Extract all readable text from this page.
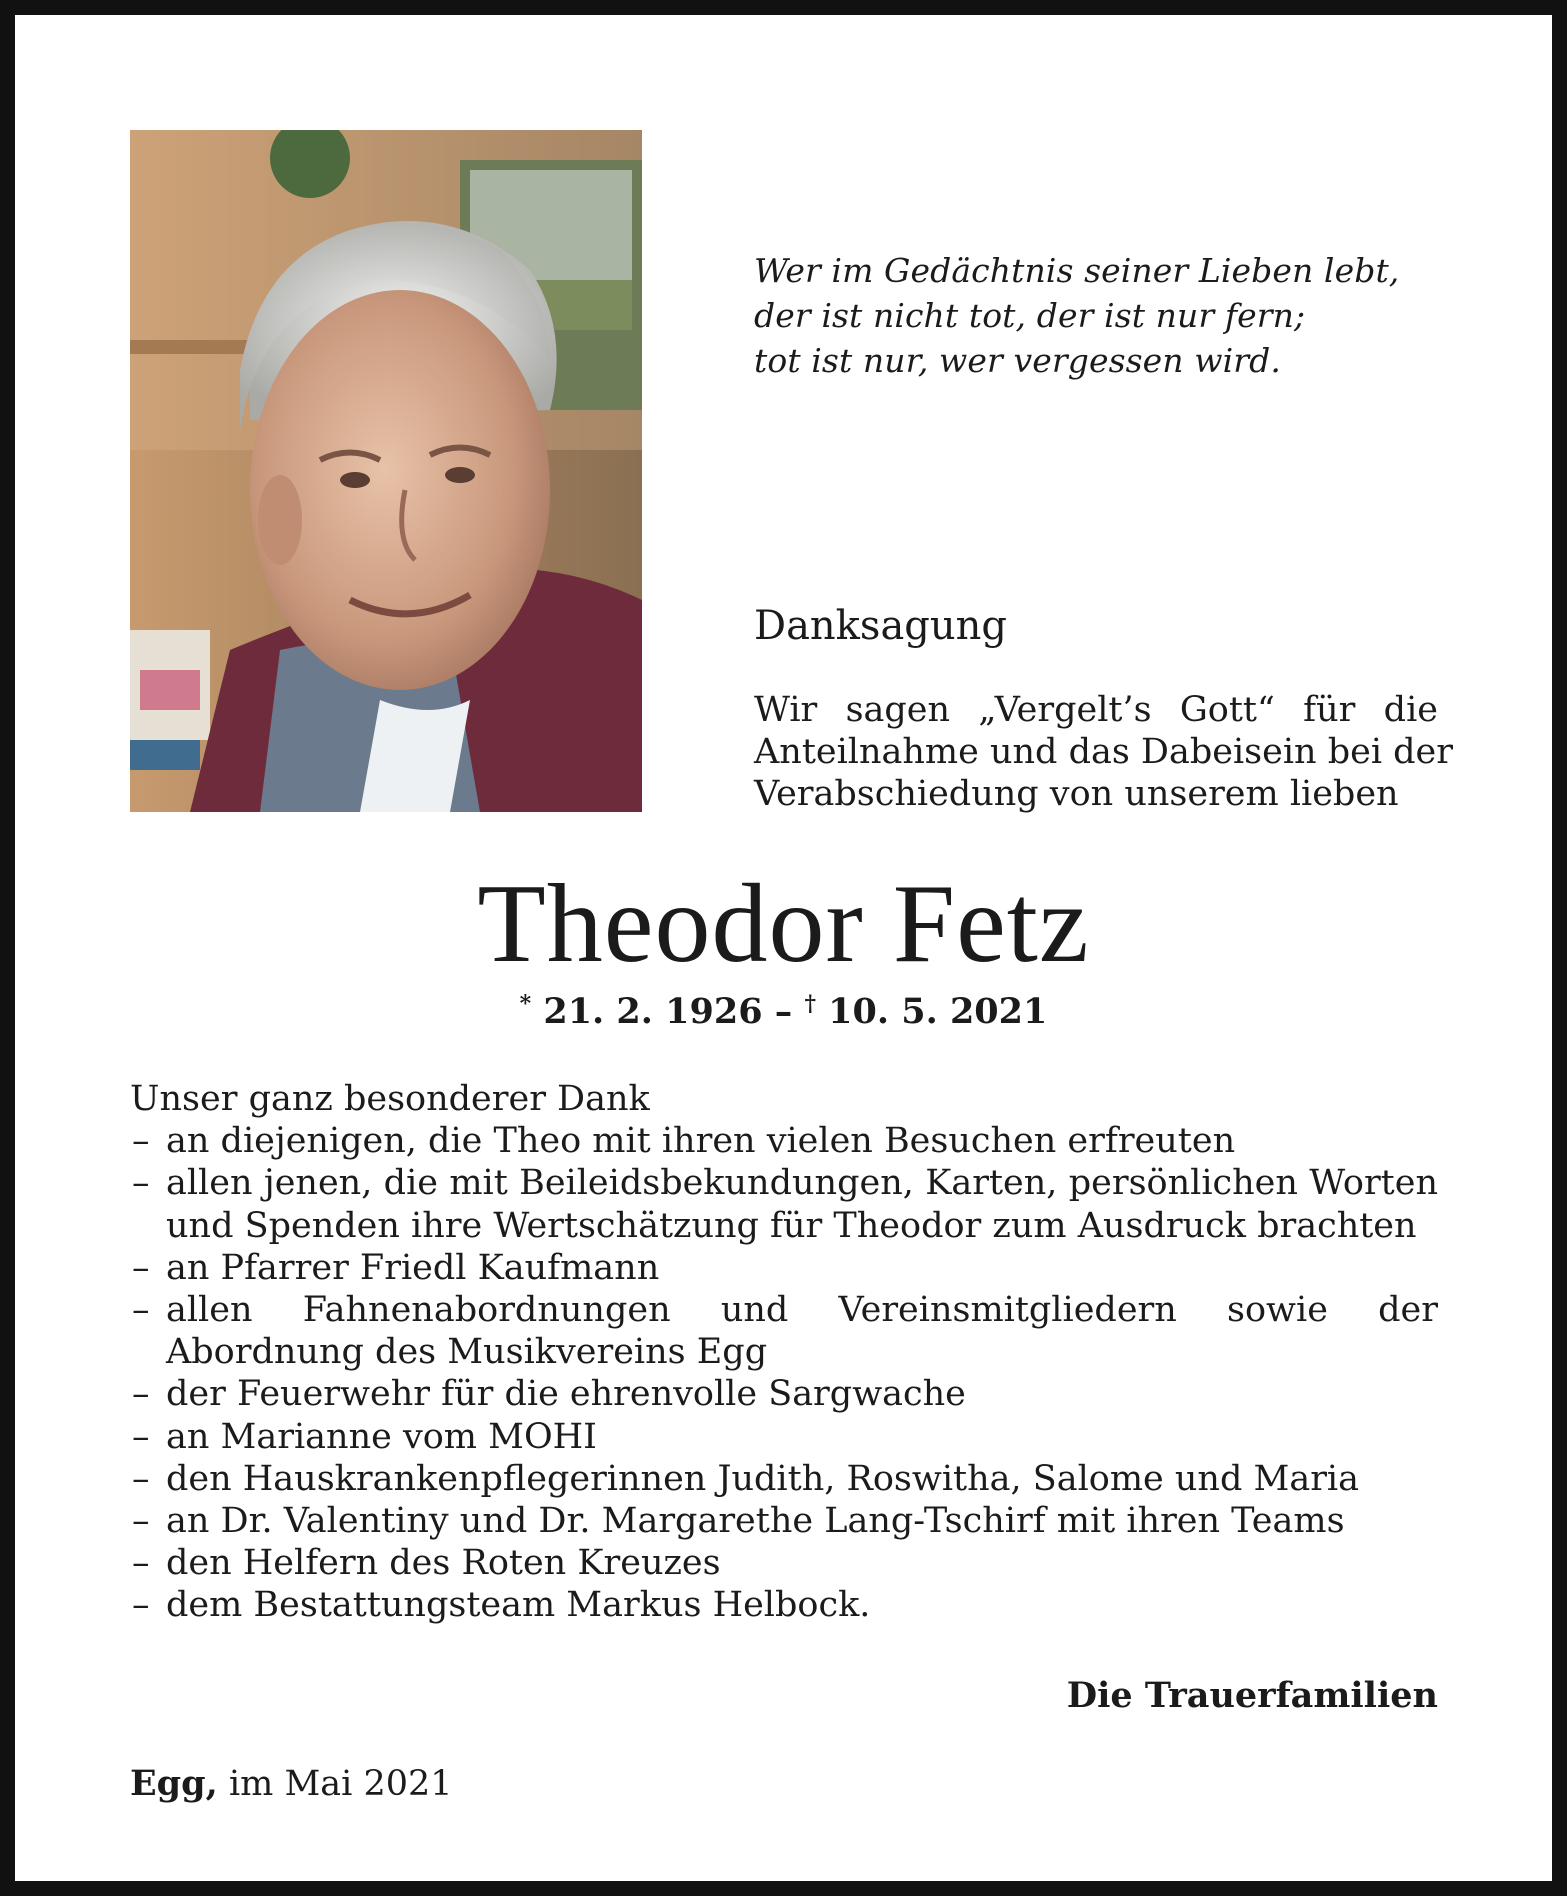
Wer im Gedächtnis seiner Lieben lebt,
der ist nicht tot, der ist nur fern;
tot ist nur, wer vergessen wird.
Danksagung
Wir sagen „Vergelt’s Gott“ für die
Anteilnahme und das Dabeisein bei der
Verabschiedung von unserem lieben
Theodor Fetz
* 21. 2. 1926 – † 10. 5. 2021
Unser ganz besonderer Dank
– an diejenigen, die Theo mit ihren vielen Besuchen erfreuten
– allen jenen, die mit Beileidsbekundungen, Karten, persönlichen Worten und Spenden ihre Wertschätzung für Theodor zum Ausdruck brachten
– an Pfarrer Friedl Kaufmann
– allen Fahnenabordnungen und Vereinsmitgliedern sowie der Abordnung des Musikvereins Egg
– der Feuerwehr für die ehrenvolle Sargwache
– an Marianne vom MOHI
– den Hauskrankenpflegerinnen Judith, Roswitha, Salome und Maria
– an Dr. Valentiny und Dr. Margarethe Lang-Tschirf mit ihren Teams
– den Helfern des Roten Kreuzes
– dem Bestattungsteam Markus Helbock.
Die Trauerfamilien
Egg, im Mai 2021
